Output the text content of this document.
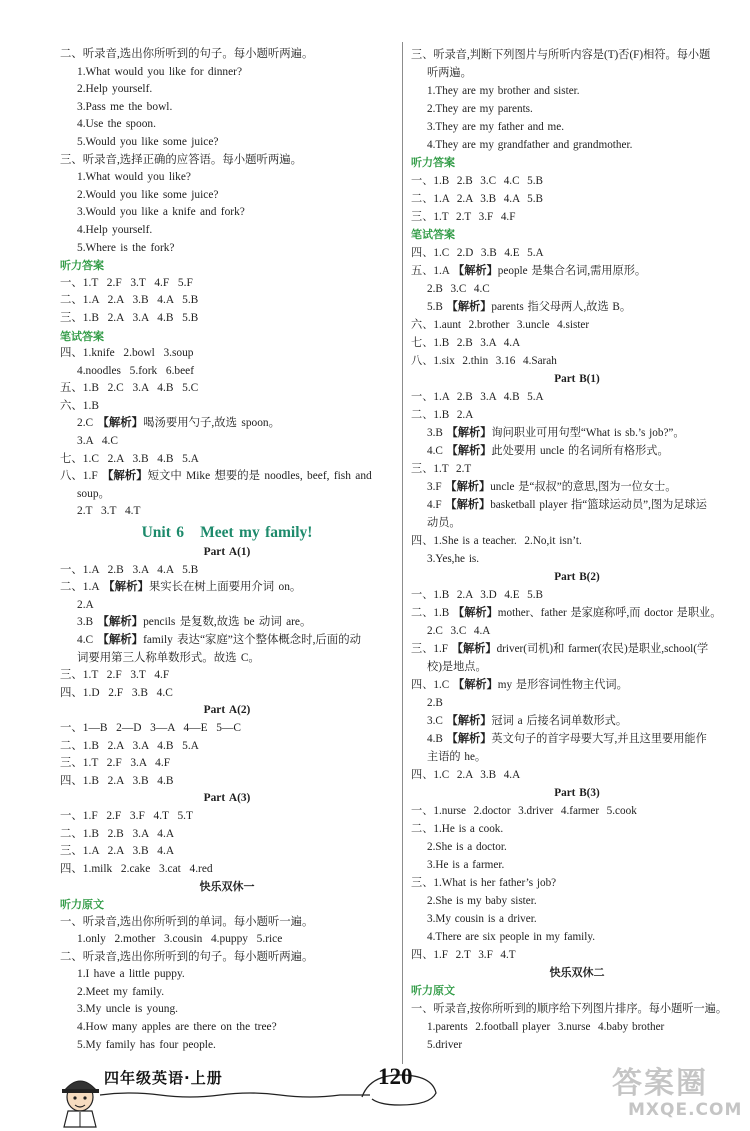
二、听录音,选出你所听到的句子。每小题听两遍。
1.What would you like for dinner?
2.Help yourself.
3.Pass me the bowl.
4.Use the spoon.
5.Would you like some juice?
三、听录音,选择正确的应答语。每小题听两遍。
1.What would you like?
2.Would you like some juice?
3.Would you like a knife and fork?
4.Help yourself.
5.Where is the fork?
听力答案
一、1.T  2.F  3.T  4.F  5.F
二、1.A  2.A  3.B  4.A  5.B
三、1.B  2.A  3.A  4.B  5.B
笔试答案
四、1.knife  2.bowl  3.soup
4.noodles  5.fork  6.beef
五、1.B  2.C  3.A  4.B  5.C
六、1.B
2.C 【解析】喝汤要用勺子,故选 spoon。
3.A  4.C
七、1.C  2.A  3.B  4.B  5.A
八、1.F 【解析】短文中 Mike 想要的是 noodles, beef, fish and
soup。
2.T  3.T  4.T
Unit 6   Meet my family!
Part A(1)
一、1.A  2.B  3.A  4.A  5.B
二、1.A 【解析】果实长在树上面要用介词 on。
2.A
3.B 【解析】pencils 是复数,故选 be 动词 are。
4.C 【解析】family 表达“家庭”这个整体概念时,后面的动
词要用第三人称单数形式。故选 C。
三、1.T  2.F  3.T  4.F
四、1.D  2.F  3.B  4.C
Part A(2)
一、1—B  2—D  3—A  4—E  5—C
二、1.B  2.A  3.A  4.B  5.A
三、1.T  2.F  3.A  4.F
四、1.B  2.A  3.B  4.B
Part A(3)
一、1.F  2.F  3.F  4.T  5.T
二、1.B  2.B  3.A  4.A
三、1.A  2.A  3.B  4.A
四、1.milk  2.cake  3.cat  4.red
快乐双休一
听力原文
一、听录音,选出你所听到的单词。每小题听一遍。
1.only  2.mother  3.cousin  4.puppy  5.rice
二、听录音,选出你所听到的句子。每小题听两遍。
1.I have a little puppy.
2.Meet my family.
3.My uncle is young.
4.How many apples are there on the tree?
5.My family has four people.
三、听录音,判断下列图片与所听内容是(T)否(F)相符。每小题
听两遍。
1.They are my brother and sister.
2.They are my parents.
3.They are my father and me.
4.They are my grandfather and grandmother.
听力答案
一、1.B  2.B  3.C  4.C  5.B
二、1.A  2.A  3.B  4.A  5.B
三、1.T  2.T  3.F  4.F
笔试答案
四、1.C  2.D  3.B  4.E  5.A
五、1.A 【解析】people 是集合名词,需用原形。
2.B  3.C  4.C
5.B 【解析】parents 指父母两人,故选 B。
六、1.aunt  2.brother  3.uncle  4.sister
七、1.B  2.B  3.A  4.A
八、1.six  2.thin  3.16  4.Sarah
Part B(1)
一、1.A  2.B  3.A  4.B  5.A
二、1.B  2.A
3.B 【解析】询问职业可用句型“What is sb.’s job?”。
4.C 【解析】此处要用 uncle 的名词所有格形式。
三、1.T  2.T
3.F 【解析】uncle 是“叔叔”的意思,图为一位女士。
4.F 【解析】basketball player 指“篮球运动员”,图为足球运
动员。
四、1.She is a teacher.  2.No,it isn’t.
3.Yes,he is.
Part B(2)
一、1.B  2.A  3.D  4.E  5.B
二、1.B 【解析】mother、father 是家庭称呼,而 doctor 是职业。
2.C  3.C  4.A
三、1.F 【解析】driver(司机)和 farmer(农民)是职业,school(学
校)是地点。
四、1.C 【解析】my 是形容词性物主代词。
2.B
3.C 【解析】冠词 a 后接名词单数形式。
4.B 【解析】英文句子的首字母要大写,并且这里要用能作
主语的 he。
四、1.C  2.A  3.B  4.A
Part B(3)
一、1.nurse  2.doctor  3.driver  4.farmer  5.cook
二、1.He is a cook.
2.She is a doctor.
3.He is a farmer.
三、1.What is her father’s job?
2.She is my baby sister.
3.My cousin is a driver.
4.There are six people in my family.
四、1.F  2.T  3.F  4.T
快乐双休二
听力原文
一、听录音,按你所听到的顺序给下列图片排序。每小题听一遍。
1.parents  2.football player  3.nurse  4.baby brother
5.driver
四年级英语·上册	120	答案圈
MXQE.COM
